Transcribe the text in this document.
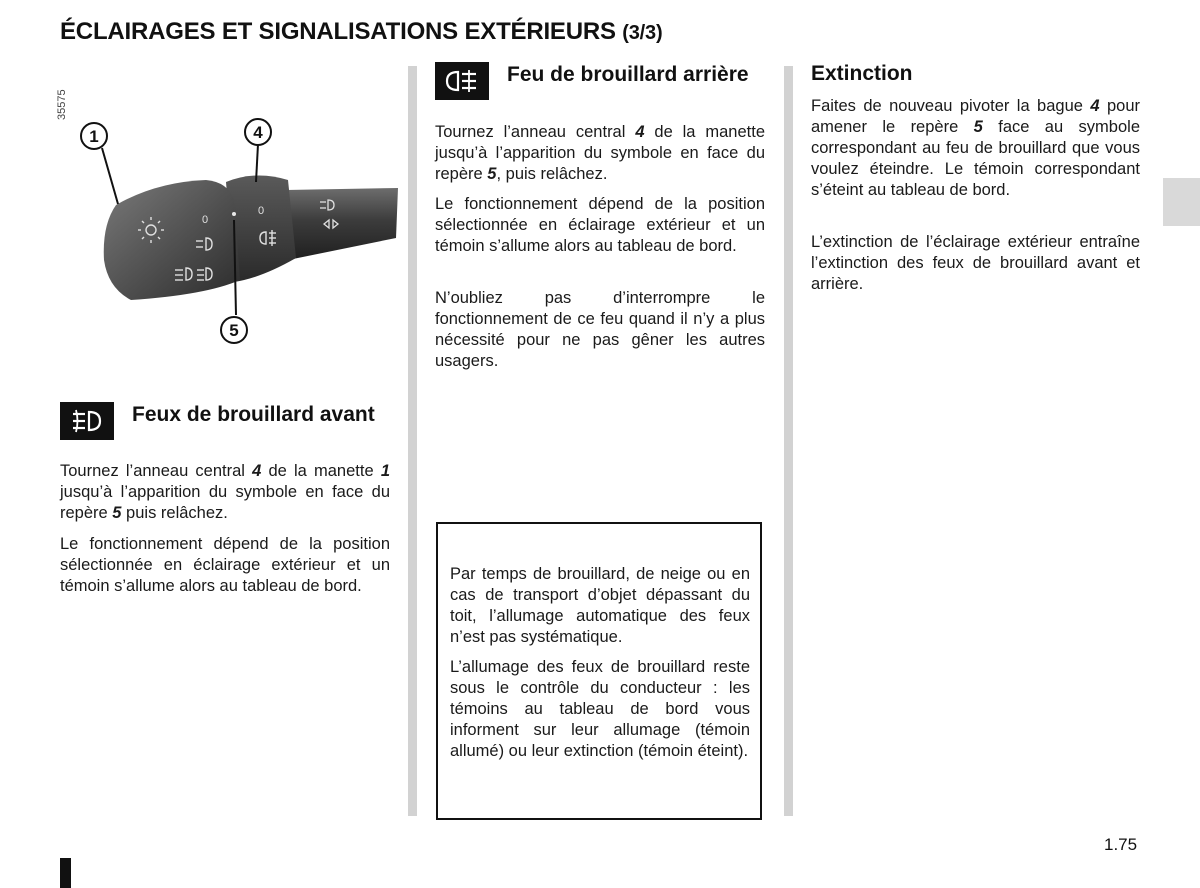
ÉCLAIRAGES ET SIGNALISATIONS EXTÉRIEURS (3/3)
35575
0
0
1	4
5
Feux de brouillard avant

Tournez l’anneau central 4 de la manette 1 jusqu’à l’apparition du symbole en face du repère 5 puis relâchez.

Le fonctionnement dépend de la position sélectionnée en éclairage extérieur et un témoin s’allume alors au tableau de bord.

Feu de brouillard arrière

Tournez l’anneau central 4 de la manette jusqu’à l’apparition du symbole en face du repère 5, puis relâchez.

Le fonctionnement dépend de la position sélectionnée en éclairage extérieur et un témoin s’allume alors au tableau de bord.

N’oubliez pas d’interrompre le fonctionnement de ce feu quand il n’y a plus nécessité pour ne pas gêner les autres usagers.

Par temps de brouillard, de neige ou en cas de transport d’objet dépassant du toit, l’allumage automatique des feux n’est pas systématique.

L’allumage des feux de brouillard reste sous le contrôle du conducteur : les témoins au tableau de bord vous informent sur leur allumage (témoin allumé) ou leur extinction (témoin éteint).

Extinction

Faites de nouveau pivoter la bague 4 pour amener le repère 5 face au symbole correspondant au feu de brouillard que vous voulez éteindre. Le témoin correspondant s’éteint au tableau de bord.

L’extinction de l’éclairage extérieur entraîne l’extinction des feux de brouillard avant et arrière.

1.75
